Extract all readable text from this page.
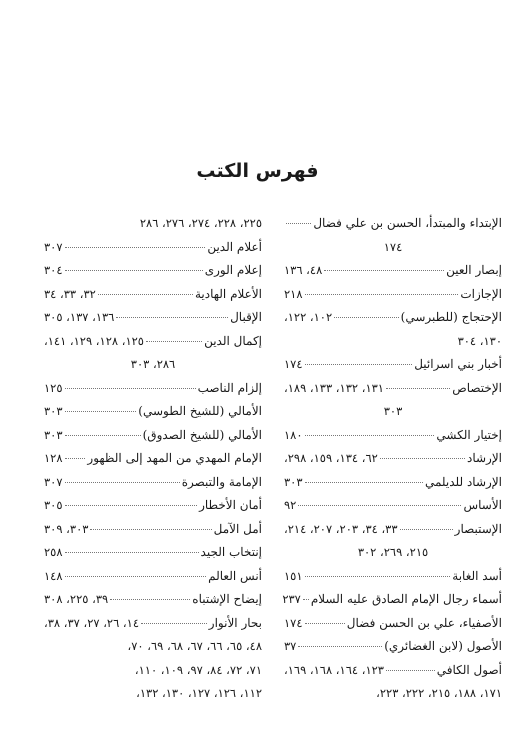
فهرس الكتب
الإبتداء والمبتدأ، الحسن بن علي فضال
١٧٤
إبصار العين
٤٨، ١٣٦
الإجازات
٢١٨
الإحتجاج (للطبرسي)
١٠٢، ١٢٢،
١٣٠، ٣٠٤
أخبار بني اسرائيل
١٧٤
الإختصاص
١٣١، ١٣٢، ١٣٣، ١٨٩،
٣٠٣
إختيار الكشي
١٨٠
الإرشاد
٦٢، ١٣٤، ١٥٩، ٢٩٨،
الإرشاد للديلمي
٣٠٣
الأساس
٩٢
الإستبصار
٣٣، ٣٤، ٢٠٣، ٢٠٧، ٢١٤،
٢١٥، ٢٦٩، ٣٠٢
أسد الغابة
١٥١
أسماء رجال الإمام الصادق عليه السلام
٢٣٧
الأصفياء، علي بن الحسن فضال
١٧٤
الأصول (لابن الغضائري)
٣٧
أصول الكافي
١٢٣، ١٦٤، ١٦٨، ١٦٩،
١٧١، ١٨٨، ٢١٥، ٢٢٢، ٢٢٣،
٢٢٥، ٢٢٨، ٢٧٤، ٢٧٦، ٢٨٦
أعلام الدين
٣٠٧
إعلام الورى
٣٠٤
الأعلام الهادية
٣٢، ٣٣، ٣٤
الإقبال
١٣٦، ١٣٧، ٣٠٥
إكمال الدين
١٢٥، ١٢٨، ١٢٩، ١٤١،
٢٨٦، ٣٠٣
إلزام الناصب
١٢٥
الأمالي (للشيخ الطوسي)
٣٠٣
الأمالي (للشيخ الصدوق)
٣٠٣
الإمام المهدي من المهد إلى الظهور
١٢٨
الإمامة والتبصرة
٣٠٧
أمان الأخطار
٣٠٥
أمل الآمل
٣٠٣، ٣٠٩
إنتخاب الجيد
٢٥٨
أنس العالم
١٤٨
إيضاح الإشتباه
٣٩، ٢٢٥، ٣٠٨
بحار الأنوار
١٤، ٢٦، ٢٧، ٣٧، ٣٨،
٤٨، ٦٥، ٦٦، ٦٧، ٦٨، ٦٩، ٧٠،
٧١، ٧٢، ٨٤، ٩٧، ١٠٩، ١١٠،
١١٢، ١٢٦، ١٢٧، ١٣٠، ١٣٢،
